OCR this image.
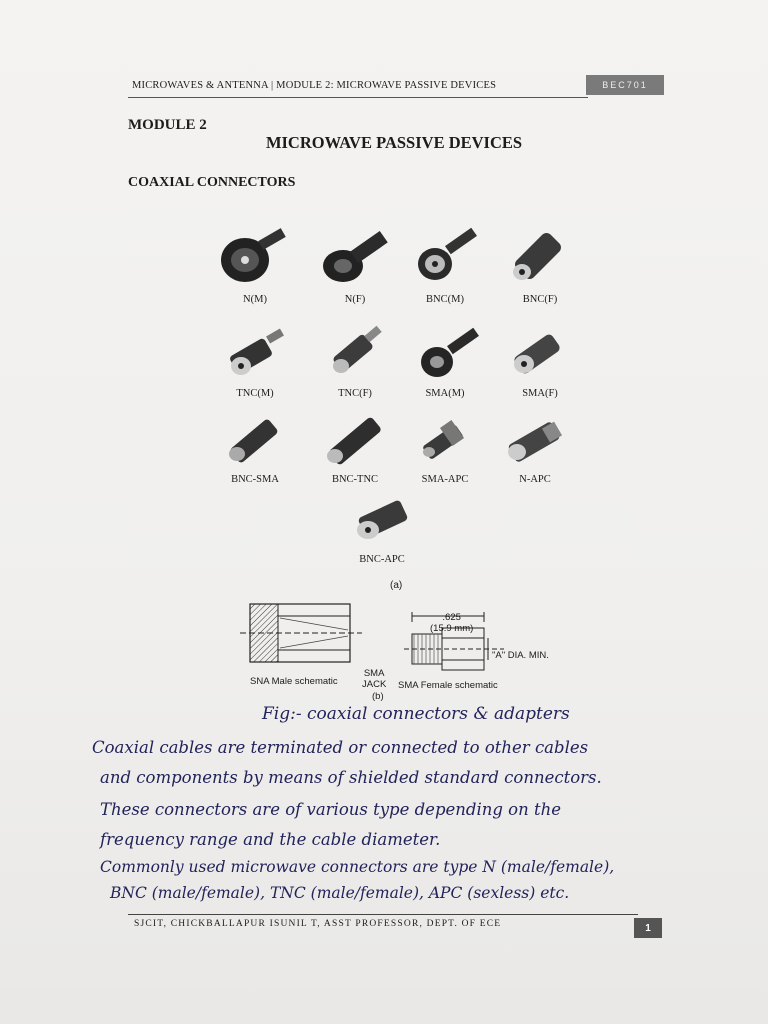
MICROWAVES & ANTENNA | MODULE 2: MICROWAVE PASSIVE DEVICES	BEC701
MODULE 2
MICROWAVE PASSIVE DEVICES
COAXIAL CONNECTORS
N(M)	N(F)	BNC(M)	BNC(F)
TNC(M)	TNC(F)	SMA(M)	SMA(F)
BNC-SMA	BNC-TNC	SMA-APC	N-APC
BNC-APC
(a)
SNA Male schematic
.625
(15.9 mm)
"A" DIA. MIN.
SMA
JACK
(b)
SMA Female schematic
Fig:- coaxial connectors & adapters
Coaxial cables are terminated or connected to other cables
and components by means of shielded standard connectors.
These connectors are of various type depending on the
frequency range and the cable diameter.
Commonly used microwave connectors are type N (male/female),
BNC (male/female), TNC (male/female), APC (sexless) etc.
SJCIT, CHICKBALLAPUR ISUNIL T, ASST PROFESSOR, DEPT. OF ECE	1
